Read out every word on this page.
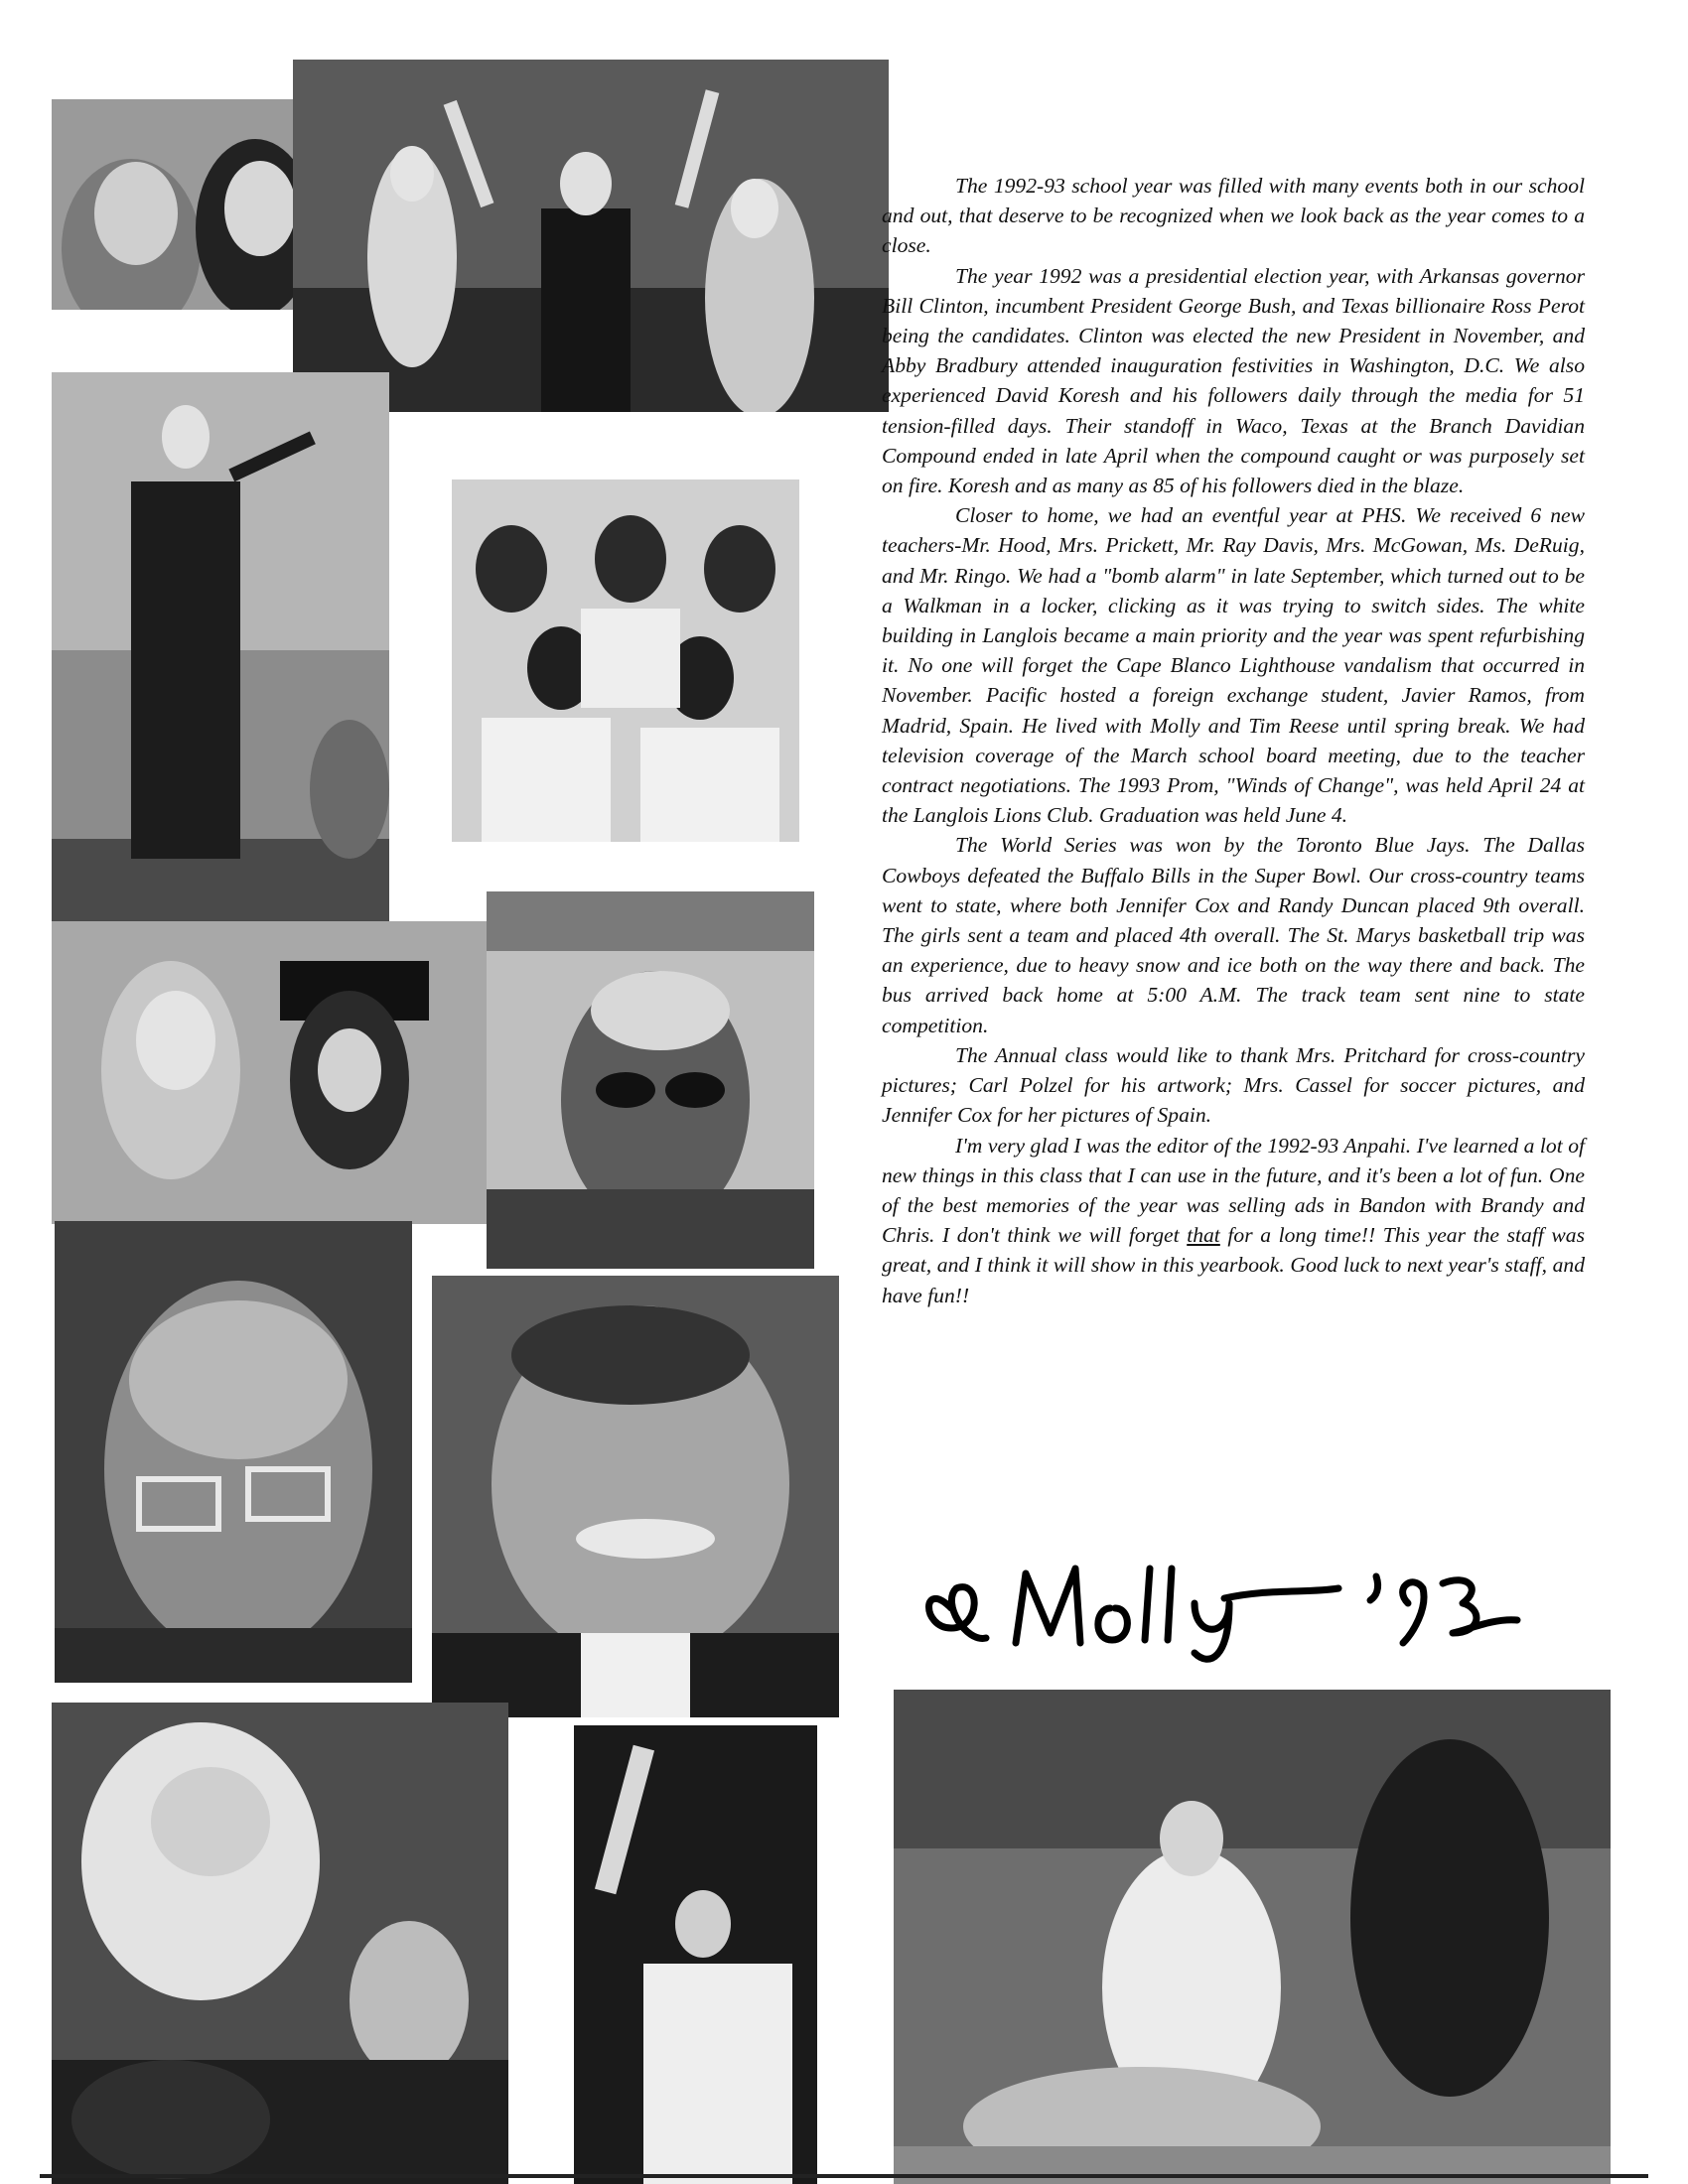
The 1992-93 school year was filled with many events both in our school and out, that deserve to be recognized when we look back as the year comes to a close.

The year 1992 was a presidential election year, with Arkansas governor Bill Clinton, incumbent President George Bush, and Texas billionaire Ross Perot being the candidates. Clinton was elected the new President in November, and Abby Bradbury attended inauguration festivities in Washington, D.C. We also experienced David Koresh and his followers daily through the media for 51 tension-filled days. Their standoff in Waco, Texas at the Branch Davidian Compound ended in late April when the compound caught or was purposely set on fire. Koresh and as many as 85 of his followers died in the blaze.

Closer to home, we had an eventful year at PHS. We received 6 new teachers-Mr. Hood, Mrs. Prickett, Mr. Ray Davis, Mrs. McGowan, Ms. DeRuig, and Mr. Ringo. We had a "bomb alarm" in late September, which turned out to be a Walkman in a locker, clicking as it was trying to switch sides. The white building in Langlois became a main priority and the year was spent refurbishing it. No one will forget the Cape Blanco Lighthouse vandalism that occurred in November. Pacific hosted a foreign exchange student, Javier Ramos, from Madrid, Spain. He lived with Molly and Tim Reese until spring break. We had television coverage of the March school board meeting, due to the teacher contract negotiations. The 1993 Prom, "Winds of Change", was held April 24 at the Langlois Lions Club. Graduation was held June 4.

The World Series was won by the Toronto Blue Jays. The Dallas Cowboys defeated the Buffalo Bills in the Super Bowl. Our cross-country teams went to state, where both Jennifer Cox and Randy Duncan placed 9th overall. The girls sent a team and placed 4th overall. The St. Marys basketball trip was an experience, due to heavy snow and ice both on the way there and back. The bus arrived back home at 5:00 A.M. The track team sent nine to state competition.

The Annual class would like to thank Mrs. Pritchard for cross-country pictures; Carl Polzel for his artwork; Mrs. Cassel for soccer pictures, and Jennifer Cox for her pictures of Spain.

I'm very glad I was the editor of the 1992-93 Anpahi. I've learned a lot of new things in this class that I can use in the future, and it's been a lot of fun. One of the best memories of the year was selling ads in Bandon with Brandy and Chris. I don't think we will forget that for a long time!! This year the staff was great, and I think it will show in this yearbook. Good luck to next year's staff, and have fun!!
